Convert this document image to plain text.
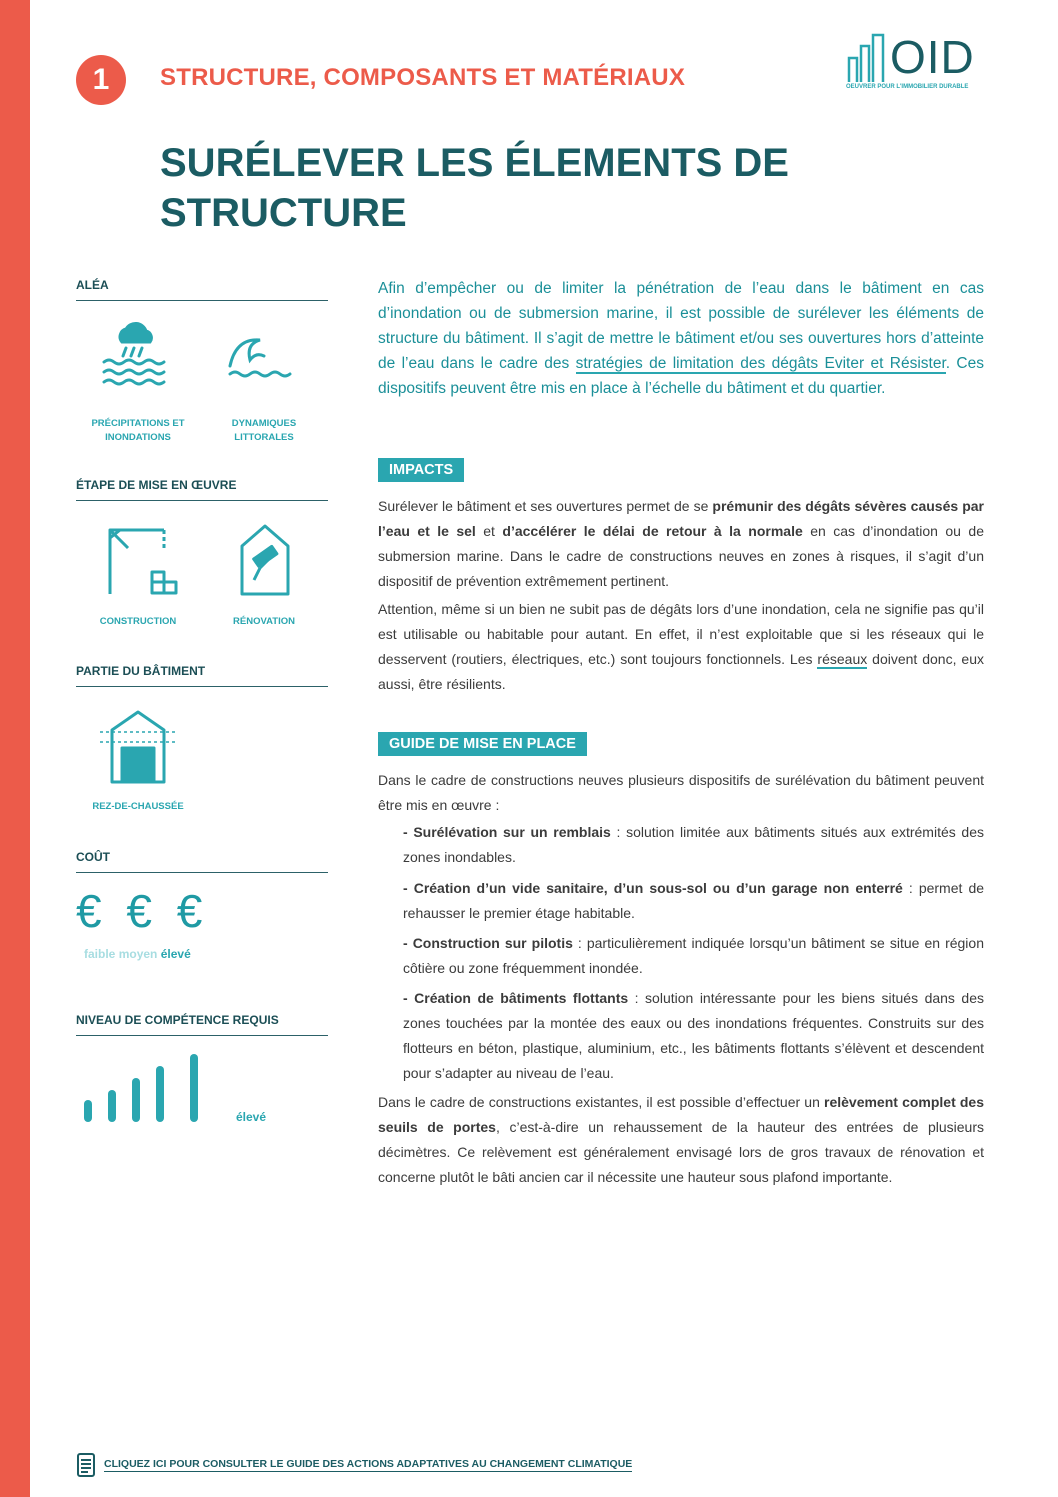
1	STRUCTURE, COMPOSANTS ET MATÉRIAUX	OID
OEUVRER POUR L'IMMOBILIER DURABLE
SURÉLEVER LES ÉLEMENTS DE STRUCTURE
ALÉA
PRÉCIPITATIONS ET
INONDATIONS
DYNAMIQUES
LITTORALES
ÉTAPE DE MISE EN ŒUVRE
CONSTRUCTION	RÉNOVATION
PARTIE DU BÂTIMENT
REZ-DE-CHAUSSÉE
COÛT
€ € €
faible moyen élevé
NIVEAU DE COMPÉTENCE REQUIS
élevé

Afin d’empêcher ou de limiter la pénétration de l’eau dans le bâtiment en cas d’inondation ou de submersion marine, il est possible de surélever les éléments de structure du bâtiment. Il s’agit de mettre le bâtiment et/ou ses ouvertures hors d’atteinte de l’eau dans le cadre des stratégies de limitation des dégâts Eviter et Résister. Ces dispositifs peuvent être mis en place à l’échelle du bâtiment et du quartier.

IMPACTS

Surélever le bâtiment et ses ouvertures permet de se prémunir des dégâts sévères causés par l’eau et le sel et d’accélérer le délai de retour à la normale en cas d’inondation ou de submersion marine. Dans le cadre de constructions neuves en zones à risques, il s’agit d’un dispositif de prévention extrêmement pertinent.

Attention, même si un bien ne subit pas de dégâts lors d’une inondation, cela ne signifie pas qu’il est utilisable ou habitable pour autant. En effet, il n’est exploitable que si les réseaux qui le desservent (routiers, électriques, etc.) sont toujours fonctionnels. Les réseaux doivent donc, eux aussi, être résilients.

GUIDE DE MISE EN PLACE

Dans le cadre de constructions neuves plusieurs dispositifs de surélévation du bâtiment peuvent être mis en œuvre :

- Surélévation sur un remblais : solution limitée aux bâtiments situés aux extrémités des zones inondables.

- Création d’un vide sanitaire, d’un sous-sol ou d’un garage non enterré : permet de rehausser le premier étage habitable.

- Construction sur pilotis : particulièrement indiquée lorsqu’un bâtiment se situe en région côtière ou zone fréquemment inondée.

- Création de bâtiments flottants : solution intéressante pour les biens situés dans des zones touchées par la montée des eaux ou des inondations fréquentes. Construits sur des flotteurs en béton, plastique, aluminium, etc., les bâtiments flottants s’élèvent et descendent pour s’adapter au niveau de l’eau.

Dans le cadre de constructions existantes, il est possible d’effectuer un relèvement complet des seuils de portes, c’est-à-dire un rehaussement de la hauteur des entrées de plusieurs décimètres. Ce relèvement est généralement envisagé lors de gros travaux de rénovation et concerne plutôt le bâti ancien car il nécessite une hauteur sous plafond importante.

CLIQUEZ ICI POUR CONSULTER LE GUIDE DES ACTIONS ADAPTATIVES AU CHANGEMENT CLIMATIQUE
